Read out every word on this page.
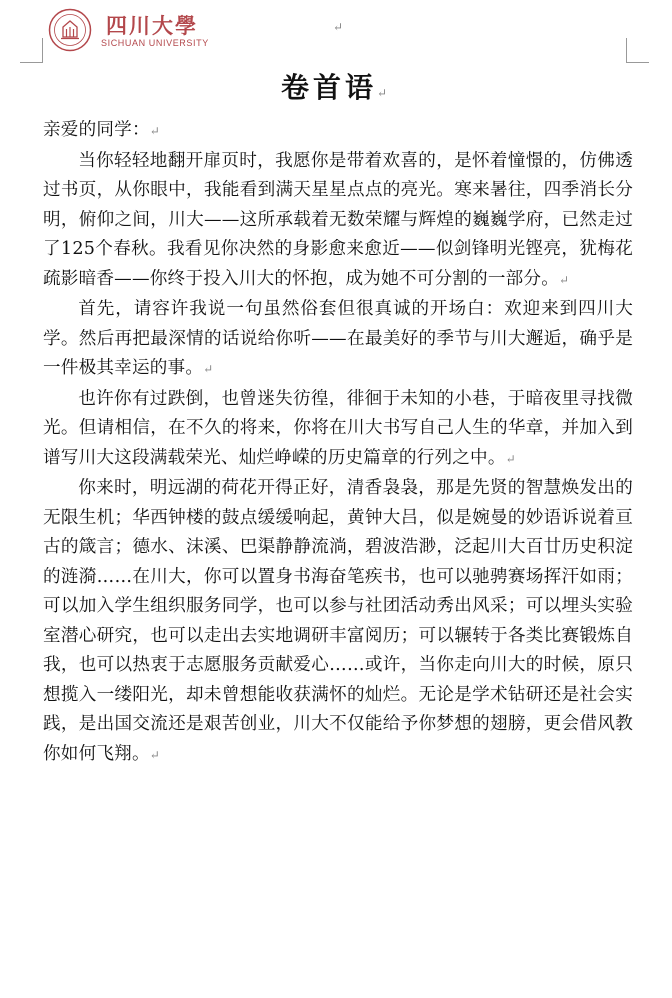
四川大學
SICHUAN UNIVERSITY
↵
卷首语↵

亲爱的同学：↵

当你轻轻地翻开扉页时，我愿你是带着欢喜的，是怀着憧憬的，仿佛透过书页，从你眼中，我能看到满天星星点点的亮光。寒来暑往，四季消长分明，俯仰之间，川大——这所承载着无数荣耀与辉煌的巍巍学府，已然走过了125个春秋。我看见你决然的身影愈来愈近——似剑锋明光铿亮，犹梅花疏影暗香——你终于投入川大的怀抱，成为她不可分割的一部分。↵

首先，请容许我说一句虽然俗套但很真诚的开场白：欢迎来到四川大学。然后再把最深情的话说给你听——在最美好的季节与川大邂逅，确乎是一件极其幸运的事。↵

也许你有过跌倒，也曾迷失彷徨，徘徊于未知的小巷，于暗夜里寻找微光。但请相信，在不久的将来，你将在川大书写自己人生的华章，并加入到谱写川大这段满载荣光、灿烂峥嵘的历史篇章的行列之中。↵

你来时，明远湖的荷花开得正好，清香袅袅，那是先贤的智慧焕发出的无限生机；华西钟楼的鼓点缓缓响起，黄钟大吕，似是婉曼的妙语诉说着亘古的箴言；德水、沫溪、巴渠静静流淌，碧波浩渺，泛起川大百廿历史积淀的涟漪……在川大，你可以置身书海奋笔疾书，也可以驰骋赛场挥汗如雨；可以加入学生组织服务同学，也可以参与社团活动秀出风采；可以埋头实验室潜心研究，也可以走出去实地调研丰富阅历；可以辗转于各类比赛锻炼自我，也可以热衷于志愿服务贡献爱心……或许，当你走向川大的时候，原只想揽入一缕阳光，却未曾想能收获满怀的灿烂。无论是学术钻研还是社会实践，是出国交流还是艰苦创业，川大不仅能给予你梦想的翅膀，更会借风教你如何飞翔。↵
